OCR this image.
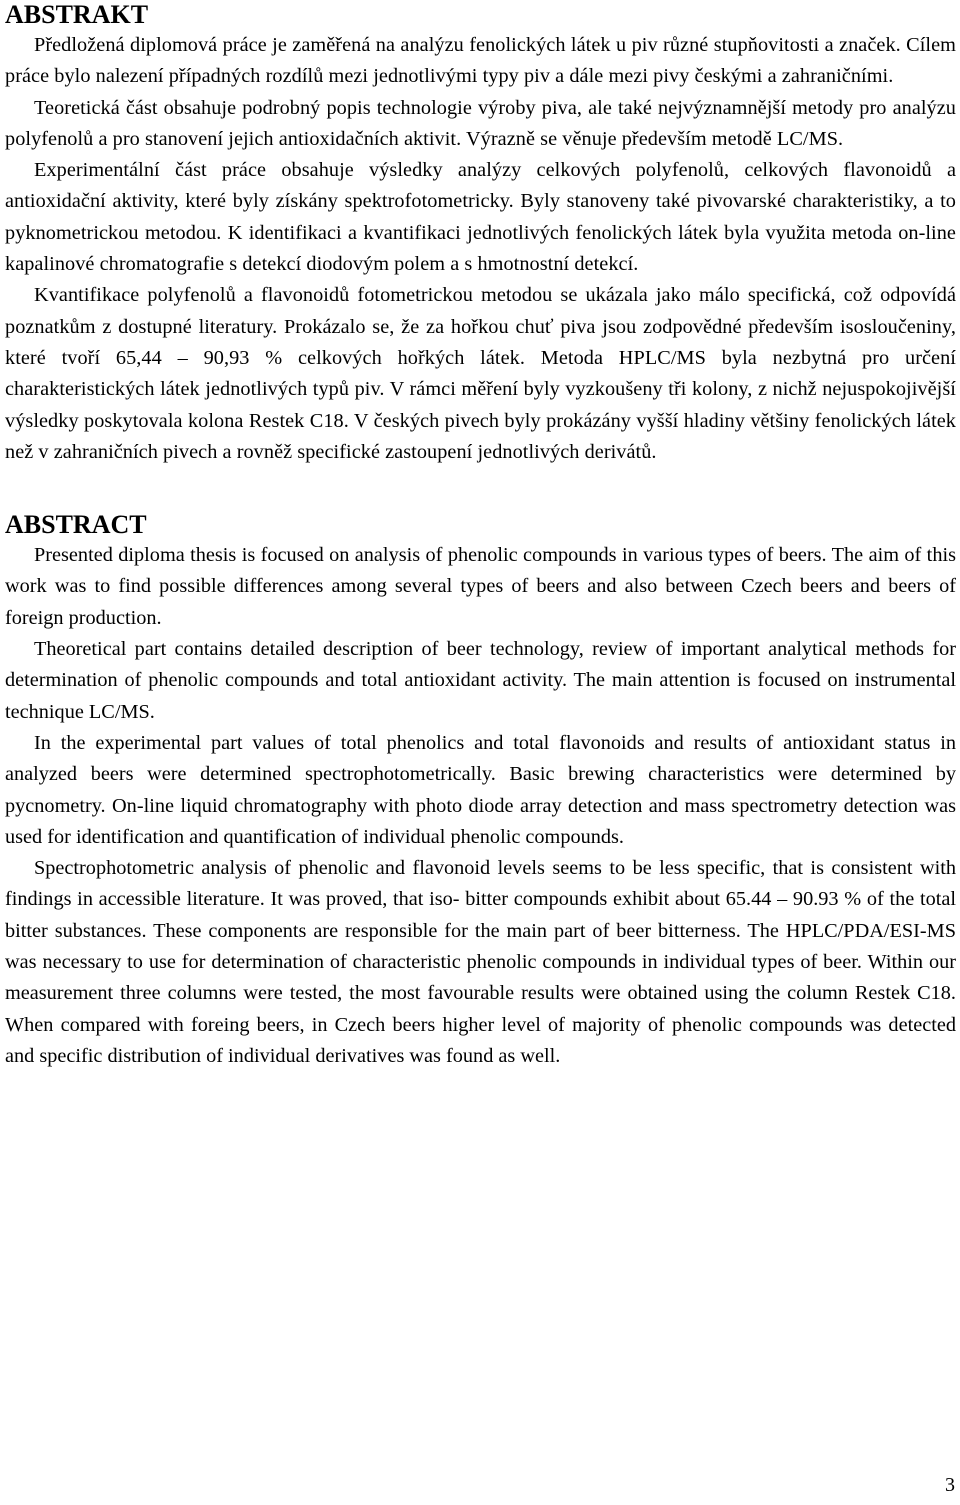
ABSTRAKT

Předložená diplomová práce je zaměřená na analýzu fenolických látek u piv různé stupňovitosti a značek. Cílem práce bylo nalezení případných rozdílů mezi jednotlivými typy piv a dále mezi pivy českými a zahraničními.

Teoretická část obsahuje podrobný popis technologie výroby piva, ale také nejvýznamnější metody pro analýzu polyfenolů a pro stanovení jejich antioxidačních aktivit. Výrazně se věnuje především metodě LC/MS.

Experimentální část práce obsahuje výsledky analýzy celkových polyfenolů, celkových flavonoidů a antioxidační aktivity, které byly získány spektrofotometricky. Byly stanoveny také pivovarské charakteristiky, a to pyknometrickou metodou. K identifikaci a kvantifikaci jednotlivých fenolických látek byla využita metoda on-line kapalinové chromatografie s detekcí diodovým polem a s hmotnostní detekcí.

Kvantifikace polyfenolů a flavonoidů fotometrickou metodou se ukázala jako málo specifická, což odpovídá poznatkům z dostupné literatury. Prokázalo se, že za hořkou chuť piva jsou zodpovědné především isosloučeniny, které tvoří 65,44 – 90,93 % celkových hořkých látek. Metoda HPLC/MS byla nezbytná pro určení charakteristických látek jednotlivých typů piv. V rámci měření byly vyzkoušeny tři kolony, z nichž nejuspokojivější výsledky poskytovala kolona Restek C18. V českých pivech byly prokázány vyšší hladiny většiny fenolických látek než v zahraničních pivech a rovněž specifické zastoupení jednotlivých derivátů.

ABSTRACT

Presented diploma thesis is focused on analysis of phenolic compounds in various types of beers. The aim of this work was to find possible differences among several types of beers and also between Czech beers and beers of foreign production.

Theoretical part contains detailed description of beer technology, review of important analytical methods for determination of phenolic compounds and total antioxidant activity. The main attention is focused on instrumental technique LC/MS.

In the experimental part values of total phenolics and total flavonoids and results of antioxidant status in analyzed beers were determined spectrophotometrically. Basic brewing characteristics were determined by pycnometry. On-line liquid chromatography with photo diode array detection and mass spectrometry detection was used for identification and quantification of individual phenolic compounds.

Spectrophotometric analysis of phenolic and flavonoid levels seems to be less specific, that is consistent with findings in accessible literature. It was proved, that iso- bitter compounds exhibit about 65.44 – 90.93 % of the total bitter substances. These components are responsible for the main part of beer bitterness. The HPLC/PDA/ESI-MS was necessary to use for determination of characteristic phenolic compounds in individual types of beer. Within our measurement three columns were tested, the most favourable results were obtained using the column Restek C18. When compared with foreing beers, in Czech beers higher level of majority of phenolic compounds was detected and specific distribution of individual derivatives was found as well.

3
